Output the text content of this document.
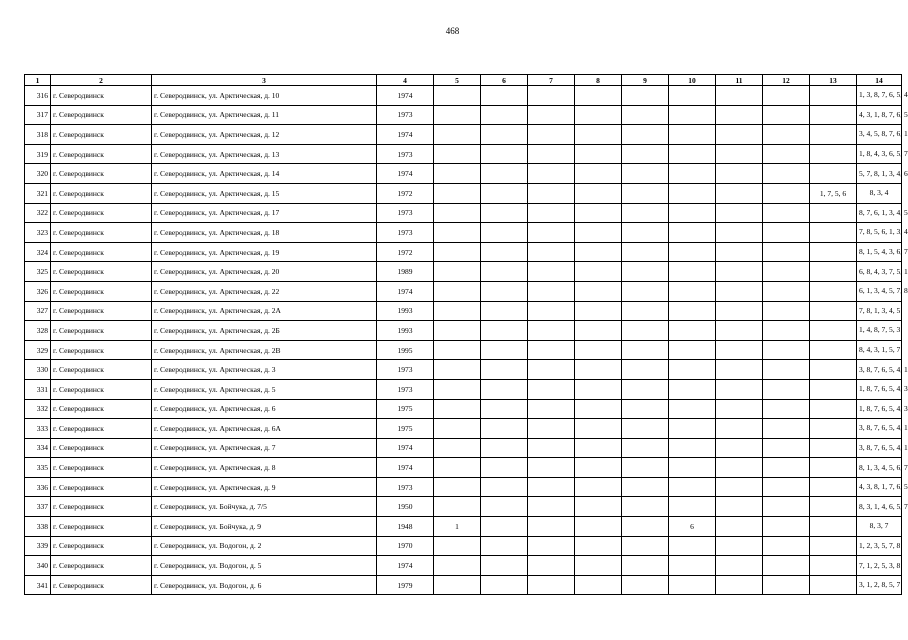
468
1	2	3	4	5	6	7	8	9	10	11	12	13	14
316	г. Северодвинск	г. Северодвинск, ул. Арктическая, д. 10	1974										1, 3, 8, 7, 6, 5, 4
317	г. Северодвинск	г. Северодвинск, ул. Арктическая, д. 11	1973										4, 3, 1, 8, 7, 6, 5
318	г. Северодвинск	г. Северодвинск, ул. Арктическая, д. 12	1974										3, 4, 5, 8, 7, 6, 1
319	г. Северодвинск	г. Северодвинск, ул. Арктическая, д. 13	1973										1, 8, 4, 3, 6, 5, 7
320	г. Северодвинск	г. Северодвинск, ул. Арктическая, д. 14	1974										5, 7, 8, 1, 3, 4, 6
321	г. Северодвинск	г. Северодвинск, ул. Арктическая, д. 15	1972									1, 7, 5, 6	8, 3, 4
322	г. Северодвинск	г. Северодвинск, ул. Арктическая, д. 17	1973										8, 7, 6, 1, 3, 4, 5
323	г. Северодвинск	г. Северодвинск, ул. Арктическая, д. 18	1973										7, 8, 5, 6, 1, 3, 4
324	г. Северодвинск	г. Северодвинск, ул. Арктическая, д. 19	1972										8, 1, 5, 4, 3, 6, 7
325	г. Северодвинск	г. Северодвинск, ул. Арктическая, д. 20	1989										6, 8, 4, 3, 7, 5, 1
326	г. Северодвинск	г. Северодвинск, ул. Арктическая, д. 22	1974										6, 1, 3, 4, 5, 7, 8
327	г. Северодвинск	г. Северодвинск, ул. Арктическая, д. 2А	1993										7, 8, 1, 3, 4, 5
328	г. Северодвинск	г. Северодвинск, ул. Арктическая, д. 2Б	1993										1, 4, 8, 7, 5, 3
329	г. Северодвинск	г. Северодвинск, ул. Арктическая, д. 2В	1995										8, 4, 3, 1, 5, 7
330	г. Северодвинск	г. Северодвинск, ул. Арктическая, д. 3	1973										3, 8, 7, 6, 5, 4, 1
331	г. Северодвинск	г. Северодвинск, ул. Арктическая, д. 5	1973										1, 8, 7, 6, 5, 4, 3
332	г. Северодвинск	г. Северодвинск, ул. Арктическая, д. 6	1975										1, 8, 7, 6, 5, 4, 3
333	г. Северодвинск	г. Северодвинск, ул. Арктическая, д. 6А	1975										3, 8, 7, 6, 5, 4, 1
334	г. Северодвинск	г. Северодвинск, ул. Арктическая, д. 7	1974										3, 8, 7, 6, 5, 4, 1
335	г. Северодвинск	г. Северодвинск, ул. Арктическая, д. 8	1974										8, 1, 3, 4, 5, 6, 7
336	г. Северодвинск	г. Северодвинск, ул. Арктическая, д. 9	1973										4, 3, 8, 1, 7, 6, 5
337	г. Северодвинск	г. Северодвинск, ул. Бойчука, д. 7/5	1950										8, 3, 1, 4, 6, 5, 7
338	г. Северодвинск	г. Северодвинск, ул. Бойчука, д. 9	1948	1					6				8, 3, 7
339	г. Северодвинск	г. Северодвинск, ул. Водогон, д. 2	1970										1, 2, 3, 5, 7, 8
340	г. Северодвинск	г. Северодвинск, ул. Водогон, д. 5	1974										7, 1, 2, 5, 3, 8
341	г. Северодвинск	г. Северодвинск, ул. Водогон, д. 6	1979										3, 1, 2, 8, 5, 7
